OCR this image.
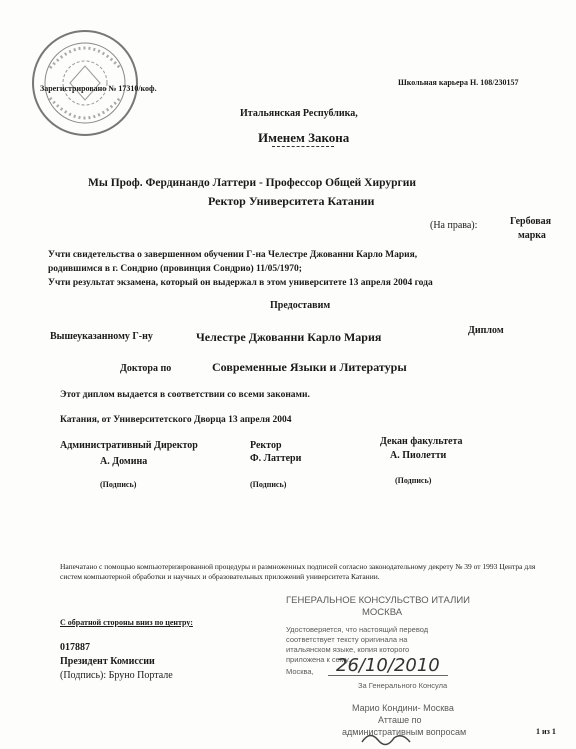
Зарегистрировано № 17310/коф.
Школьная карьера Н. 108/230157
Итальянская Республика,
Именем Закона
Мы Проф. Фердинандо Латтери - Профессор Общей Хирургии
Ректор Университета Катании
(На права):	Гербовая
марка
Учти свидетельства о завершенном обучении Г-на Челестре Джованни Карло Мария,
родившимся в г. Сондрио (провинция Сондрио) 11/05/1970;
Учти результат экзамена, который он выдержал в этом университете 13 апреля 2004 года
Предоставим
Вышеуказанному Г-ну	Челестре Джованни Карло Мария	Диплом
Доктора по	Современные Языки и Литературы
Этот диплом выдается в соответствии со всеми законами.
Катания, от Университетского Дворца 13 апреля 2004
Административный Директор
А. Домина
(Подпись)
Ректор
Ф. Латтери
(Подпись)
Декан факультета
А. Пиолетти
(Подпись)
Напечатано с помощью компьютеризированной процедуры и размноженных подписей согласно законодательному декрету № 39 от 1993 Центра для систем компьютерной обработки и научных и образовательных приложений университета Катании.
С обратной стороны вниз по центру:
017887
Президент Комиссии
(Подпись): Бруно Портале
ГЕНЕРАЛЬНОЕ КОНСУЛЬСТВО ИТАЛИИ
МОСКВА
Удостоверяется, что настоящий перевод
соответствует тексту оригинала на
итальянском языке, копия которого
приложена к сему.
Москва, 26/10/2010
За Генерального Консула
Марио Кондини- Москва
Атташе по
административным вопросам	1 из 1
